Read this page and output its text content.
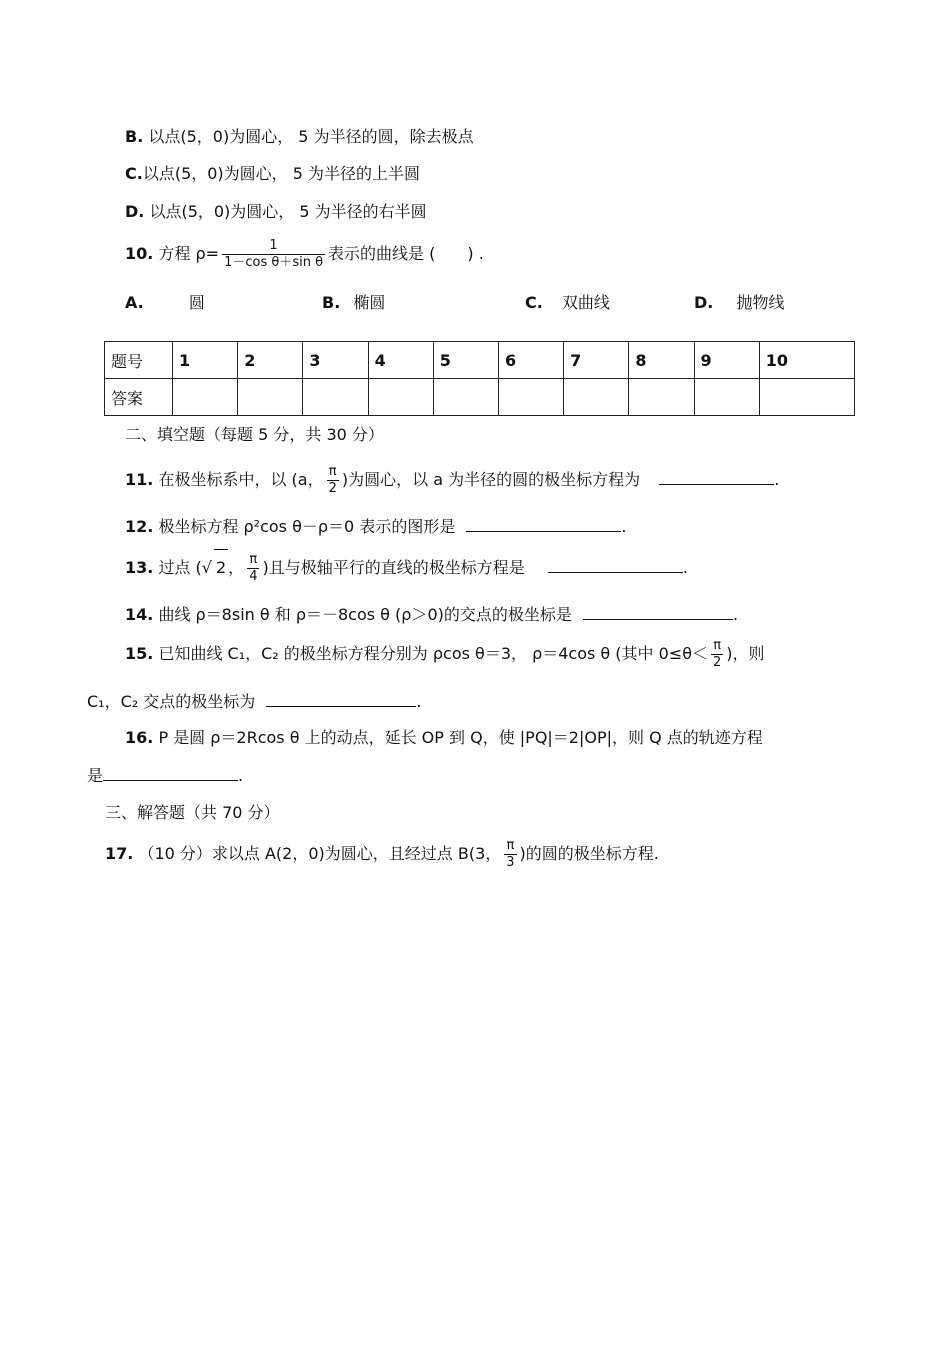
B. 以点(5，0)为圆心， 5 为半径的圆，除去极点
C.以点(5，0)为圆心， 5 为半径的上半圆
D. 以点(5，0)为圆心， 5 为半径的右半圆
10. 方程 $\rho= \frac{1}{\text{1－cos θ＋sin θ}}$ 表示的曲线是 (　　) .
A.	圆	B. 椭圆	C. 双曲线	D. 抛物线
题号	1	2	3	4	5	6	7	8	9	10
答案										
二、填空题（每题 5 分，共 30 分）
11. 在极坐标系中，以 (a， $\frac{\pi}{2}$ )为圆心，以 a 为半径的圆的极坐标方程为	.
12. 极坐标方程 ρ²cos θ－ρ＝0 表示的图形是	.
13. 过点 (√ 2 ， $\frac{\pi}{4}$ )且与极轴平行的直线的极坐标方程是	.
14. 曲线 ρ＝8sin θ 和 ρ＝－8cos θ (ρ＞0)的交点的极坐标是	.
15. 已知曲线 C₁，C₂ 的极坐标方程分别为 ρcos θ＝3， ρ＝4cos θ (其中 $0\le\theta< \frac{\pi}{2}$ )，则
C₁，C₂ 交点的极坐标为	.
16. P 是圆 ρ＝2Rcos θ 上的动点，延长 OP 到 Q，使 |PQ|＝2|OP|，则 Q 点的轨迹方程
是	.
三、解答题（共 70 分）
17. （10 分）求以点 A(2，0)为圆心，且经过点 B(3， $\frac{\pi}{3}$ )的圆的极坐标方程.
